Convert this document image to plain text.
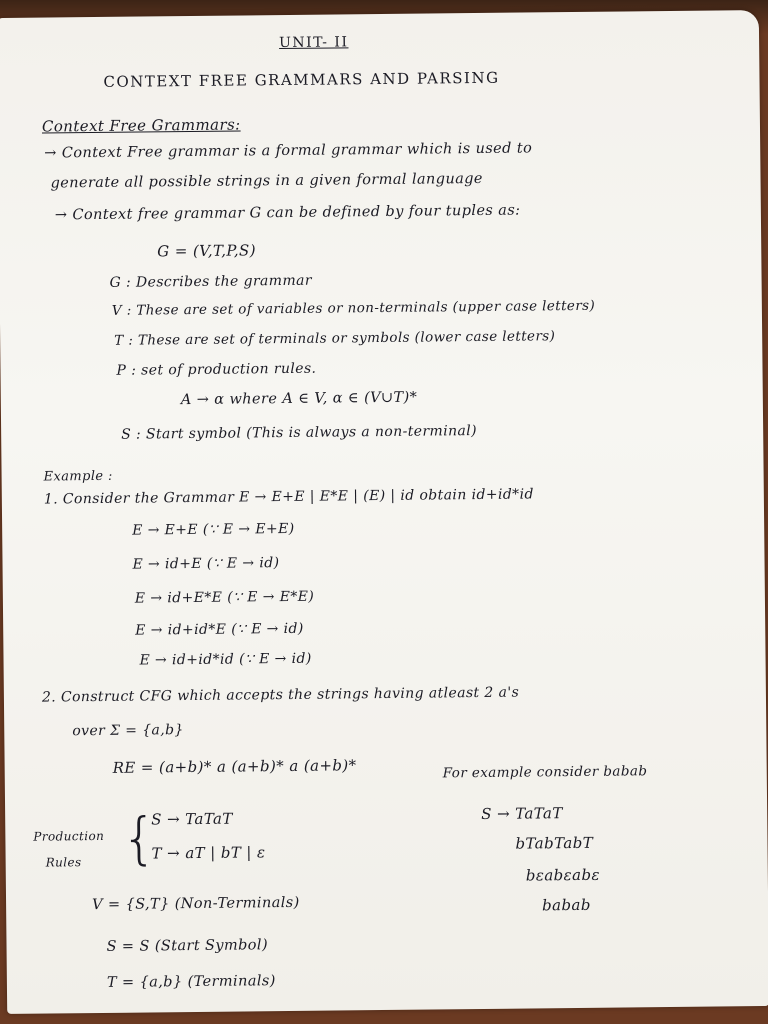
UNIT- II
CONTEXT FREE GRAMMARS AND PARSING
Context Free Grammars:
→ Context Free grammar is a formal grammar which is used to
generate all possible strings in a given formal language
→ Context free grammar G can be defined by four tuples as:
G = (V,T,P,S)
G : Describes the grammar
V : These are set of variables or non-terminals (upper case letters)
T : These are set of terminals or symbols (lower case letters)
P : set of production rules.
A → α where A ∈ V, α ∈ (V∪T)*
S : Start symbol (This is always a non-terminal)
Example :
1. Consider the Grammar E → E+E | E*E | (E) | id obtain id+id*id
E → E+E (∵ E → E+E)
E → id+E (∵ E → id)
E → id+E*E (∵ E → E*E)
E → id+id*E (∵ E → id)
E → id+id*id (∵ E → id)
2. Construct CFG which accepts the strings having atleast 2 a's
over Σ = {a,b}
RE = (a+b)* a (a+b)* a (a+b)*	For example consider babab
Production
Rules {
S → TaTaT
T → aT | bT | ε
S → TaTaT
bTabTabT
bεabεabε
babab
V = {S,T} (Non-Terminals)
S = S (Start Symbol)
T = {a,b} (Terminals)
